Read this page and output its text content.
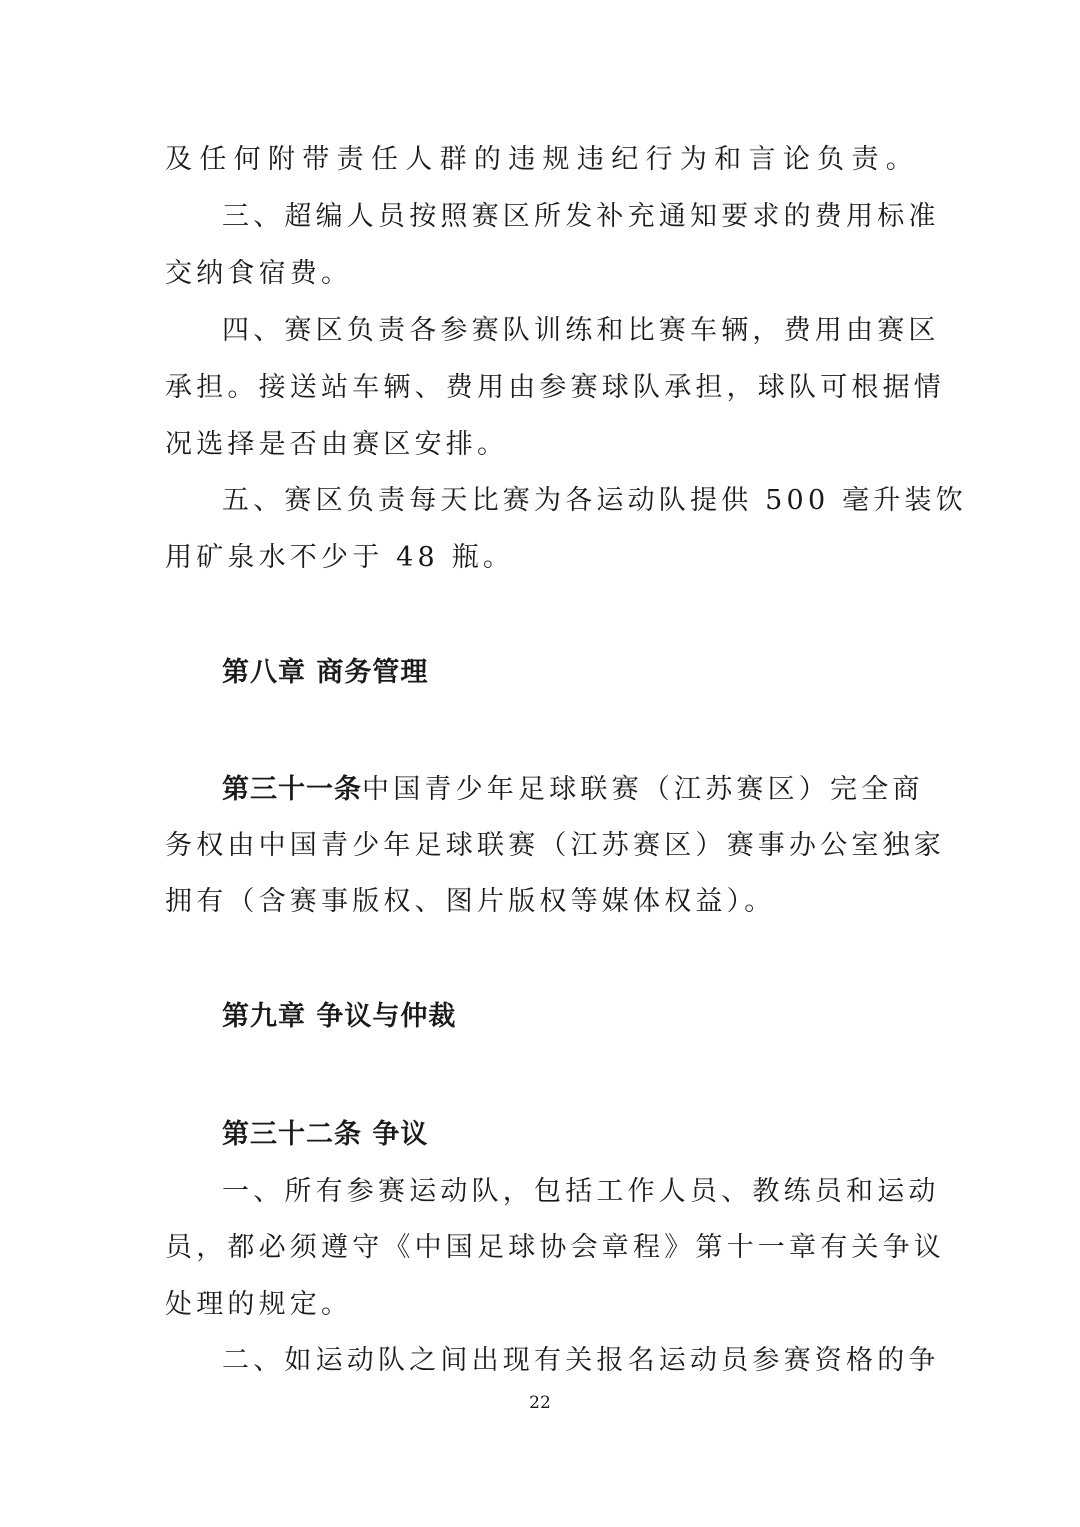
及任何附带责任人群的违规违纪行为和言论负责。
三、超编人员按照赛区所发补充通知要求的费用标准
交纳食宿费。
四、赛区负责各参赛队训练和比赛车辆，费用由赛区
承担。接送站车辆、费用由参赛球队承担，球队可根据情
况选择是否由赛区安排。
五、赛区负责每天比赛为各运动队提供 500 毫升装饮
用矿泉水不少于 48 瓶。
第八章 商务管理
第三十一条 中国青少年足球联赛（江苏赛区）完全商
务权由中国青少年足球联赛（江苏赛区）赛事办公室独家
拥有（含赛事版权、图片版权等媒体权益）。
第九章 争议与仲裁
第三十二条 争议
一、所有参赛运动队，包括工作人员、教练员和运动
员，都必须遵守《中国足球协会章程》第十一章有关争议
处理的规定。
二、如运动队之间出现有关报名运动员参赛资格的争
22
